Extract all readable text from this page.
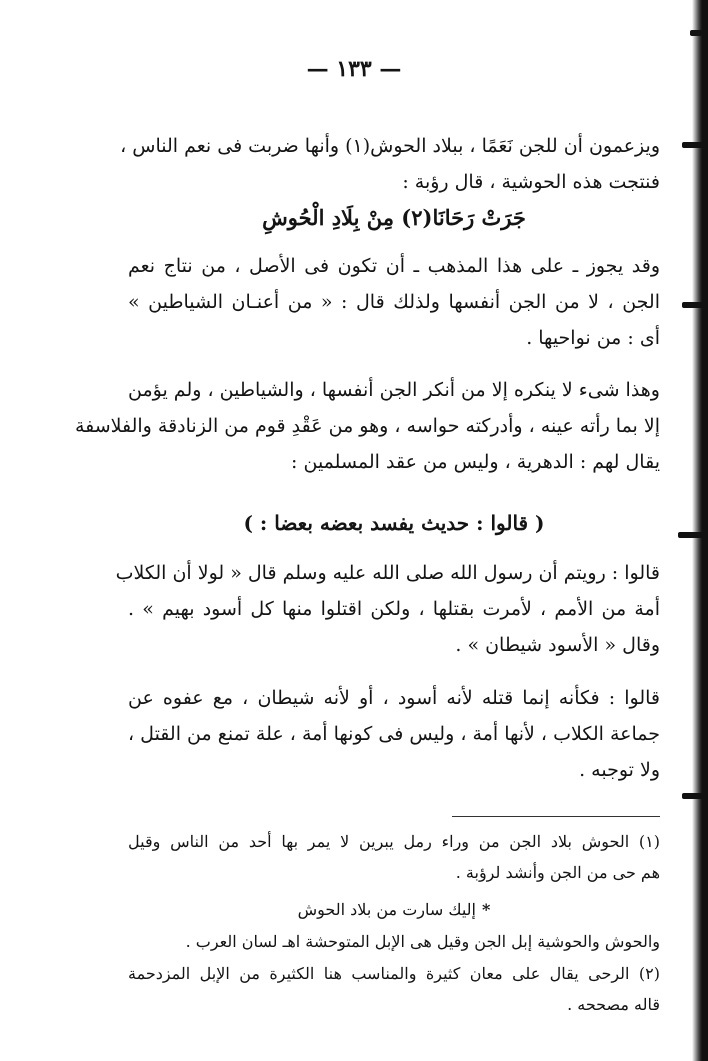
— ١٣٣ —
ويزعمون أن للجن نَعَمًا ، ببلاد الحوش(١) وأنها ضربت فى نعم الناس ،
فنتجت هذه الحوشية ، قال رؤبة :
جَرَتْ رَحَانَا(٢) مِنْ بِلَادِ الْحُوشِ
وقد يجوز ـ على هذا المذهب ـ أن تكون فى الأصل ، من نتاج نعم
الجن ، لا من الجن أنفسها ولذلك قال : « من أعنـان الشياطين »
أى : من نواحيها .
وهذا شىء لا ينكره إلا من أنكر الجن أنفسها ، والشياطين ، ولم يؤمن
إلا بما رأته عينه ، وأدركته حواسه ، وهو من عَقْدِ قوم من الزنادقة والفلاسفة
يقال لهم : الدهرية ، وليس من عقد المسلمين :
( قالوا : حديث يفسد بعضه بعضا : )
قالوا : رويتم أن رسول الله صلى الله عليه وسلم قال « لولا أن الكلاب
أمة من الأمم ، لأمرت بقتلها ، ولكن اقتلوا منها كل أسود بهيم » .
وقال « الأسود شيطان » .
قالوا : فكأنه إنما قتله لأنه أسود ، أو لأنه شيطان ، مع عفوه عن
جماعة الكلاب ، لأنها أمة ، وليس فى كونها أمة ، علة تمنع من القتل ،
ولا توجبه .
(١) الحوش بلاد الجن من وراء رمل يبرين لا يمر بها أحد من الناس وقيل
هم حى من الجن وأنشد لرؤبة .
*إليك سارت من بلاد الحوش
والحوش والحوشية إبل الجن وقيل هى الإبل المتوحشة اهـ لسان العرب .
(٢) الرحى يقال على معان كثيرة والمناسب هنا الكثيرة من الإبل المزدحمة
قاله مصححه .
